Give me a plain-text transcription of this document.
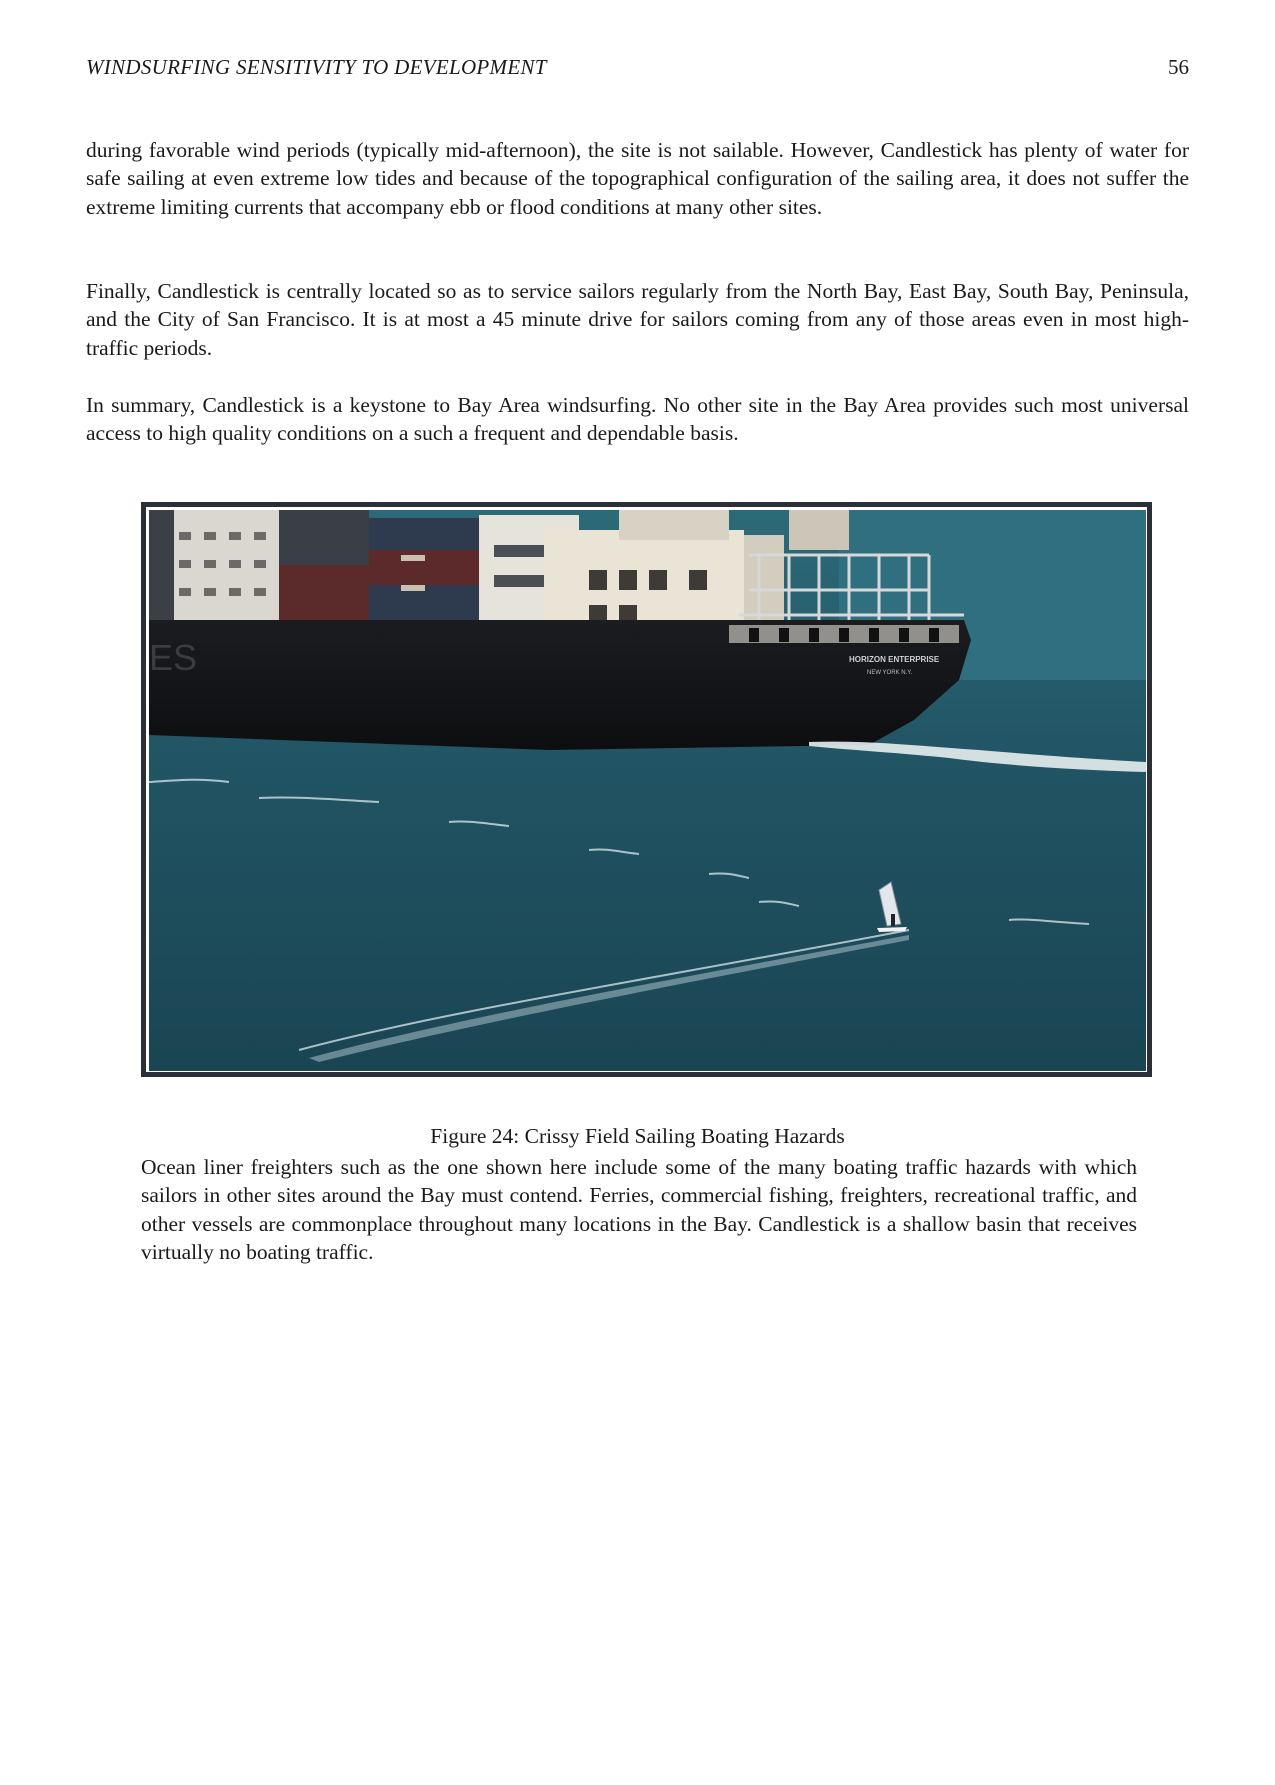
WINDSURFING SENSITIVITY TO DEVELOPMENT	56

during favorable wind periods (typically mid-afternoon), the site is not sailable. However, Candlestick has plenty of water for safe sailing at even extreme low tides and because of the topographical configuration of the sailing area, it does not suffer the extreme limiting currents that accompany ebb or flood conditions at many other sites.

Finally, Candlestick is centrally located so as to service sailors regularly from the North Bay, East Bay, South Bay, Peninsula, and the City of San Francisco. It is at most a 45 minute drive for sailors coming from any of those areas even in most high-traffic periods.

In summary, Candlestick is a keystone to Bay Area windsurfing. No other site in the Bay Area provides such most universal access to high quality conditions on a such a frequent and dependable basis.

ES	HORIZON ENTERPRISE
NEW YORK N.Y.
Figure 24: Crissy Field Sailing Boating Hazards

Ocean liner freighters such as the one shown here include some of the many boating traffic hazards with which sailors in other sites around the Bay must contend. Ferries, commercial fishing, freighters, recreational traffic, and other vessels are commonplace throughout many locations in the Bay. Candlestick is a shallow basin that receives virtually no boating traffic.
